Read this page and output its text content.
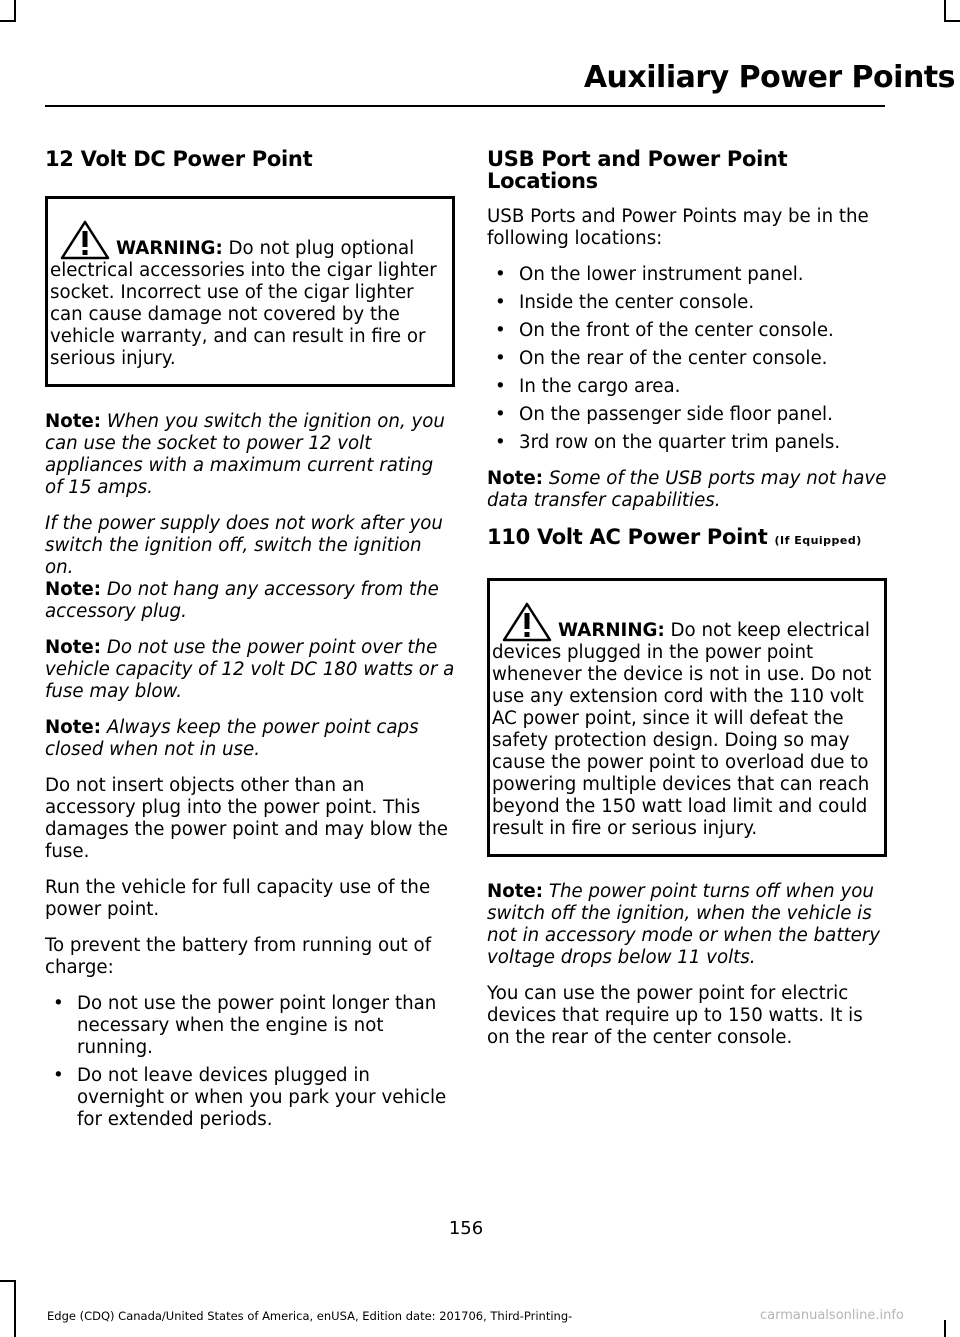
Auxiliary Power Points
12 Volt DC Power Point
WARNING: Do not plug optional electrical accessories into the cigar lighter socket. Incorrect use of the cigar lighter can cause damage not covered by the vehicle warranty, and can result in fire or serious injury.

Note: When you switch the ignition on, you can use the socket to power 12 volt appliances with a maximum current rating of 15 amps.

If the power supply does not work after you switch the ignition off, switch the ignition on.

Note: Do not hang any accessory from the accessory plug.

Note: Do not use the power point over the vehicle capacity of 12 volt DC 180 watts or a fuse may blow.

Note: Always keep the power point caps closed when not in use.

Do not insert objects other than an accessory plug into the power point. This damages the power point and may blow the fuse.

Run the vehicle for full capacity use of the power point.

To prevent the battery from running out of charge:

• Do not use the power point longer than necessary when the engine is not running.
• Do not leave devices plugged in overnight or when you park your vehicle for extended periods.
USB Port and Power Point Locations

USB Ports and Power Points may be in the following locations:

• On the lower instrument panel.
• Inside the center console.
• On the front of the center console.
• On the rear of the center console.
• In the cargo area.
• On the passenger side floor panel.
• 3rd row on the quarter trim panels.

Note: Some of the USB ports may not have data transfer capabilities.

110 Volt AC Power Point (If Equipped)
WARNING: Do not keep electrical devices plugged in the power point whenever the device is not in use. Do not use any extension cord with the 110 volt AC power point, since it will defeat the safety protection design. Doing so may cause the power point to overload due to powering multiple devices that can reach beyond the 150 watt load limit and could result in fire or serious injury.

Note: The power point turns off when you switch off the ignition, when the vehicle is not in accessory mode or when the battery voltage drops below 11 volts.

You can use the power point for electric devices that require up to 150 watts. It is on the rear of the center console.

156
Edge (CDQ) Canada/United States of America, enUSA, Edition date: 201706, Third-Printing-	carmanualsonline.info
